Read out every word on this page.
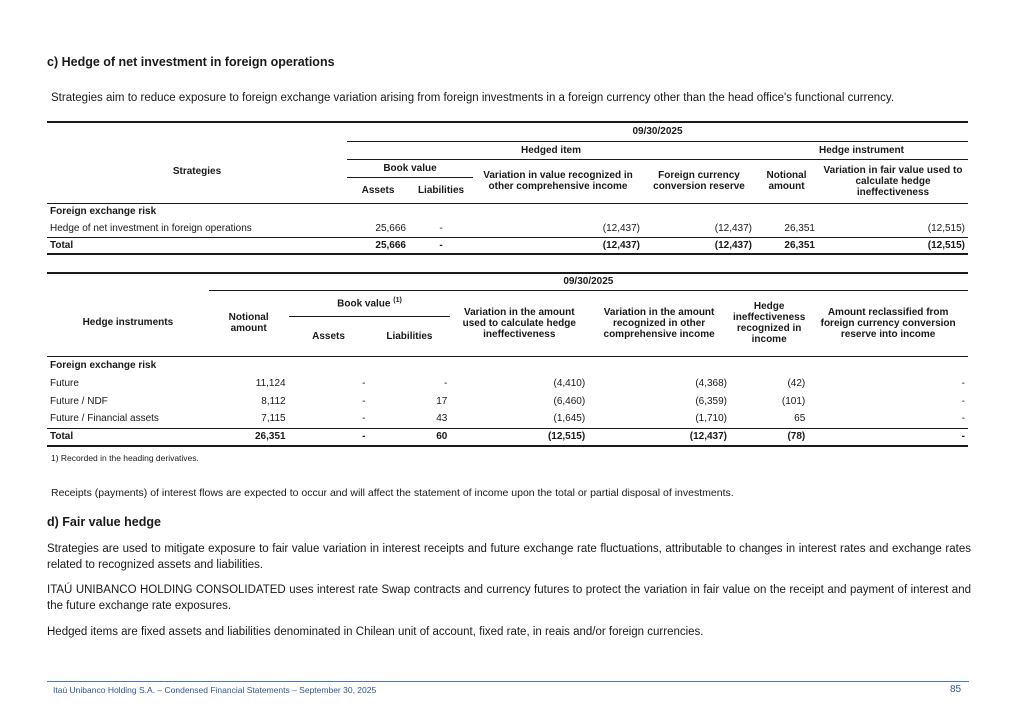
c) Hedge of net investment in foreign operations
Strategies aim to reduce exposure to foreign exchange variation arising from foreign investments in a foreign currency other than the head office's functional currency.
	09/30/2025					
Strategies	Hedged item				Hedge instrument	
	Book value		Variation in value recognized in other comprehensive income	Foreign currency conversion reserve	Notional amount	Variation in fair value used to calculate hedge ineffectiveness
	Assets	Liabilities				
Foreign exchange risk						
Hedge of net investment in foreign operations	25,666	-	(12,437)	(12,437)	26,351	(12,515)
Total	25,666	-	(12,437)	(12,437)	26,351	(12,515)
	09/30/2025						
Hedge instruments	Notional amount	Book value $^{(1)}$		Variation in the amount used to calculate hedge ineffectiveness	Variation in the amount recognized in other comprehensive income	Hedge ineffectiveness recognized in income	Amount reclassified from foreign currency conversion reserve into income
		Assets	Liabilities				
Foreign exchange risk							
Future	11,124	-	-	(4,410)	(4,368)	(42)	-
Future / NDF	8,112	-	17	(6,460)	(6,359)	(101)	-
Future / Financial assets	7,115	-	43	(1,645)	(1,710)	65	-
Total	26,351	-	60	(12,515)	(12,437)	(78)	-
1) Recorded in the heading derivatives.
Receipts (payments) of interest flows are expected to occur and will affect the statement of income upon the total or partial disposal of investments.
d) Fair value hedge
Strategies are used to mitigate exposure to fair value variation in interest receipts and future exchange rate fluctuations, attributable to changes in interest rates and exchange rates related to recognized assets and liabilities.
ITAÚ UNIBANCO HOLDING CONSOLIDATED uses interest rate Swap contracts and currency futures to protect the variation in fair value on the receipt and payment of interest and the future exchange rate exposures.
Hedged items are fixed assets and liabilities denominated in Chilean unit of account, fixed rate, in reais and/or foreign currencies.
Itaú Unibanco Holding S.A. – Condensed Financial Statements – September 30, 2025	85
